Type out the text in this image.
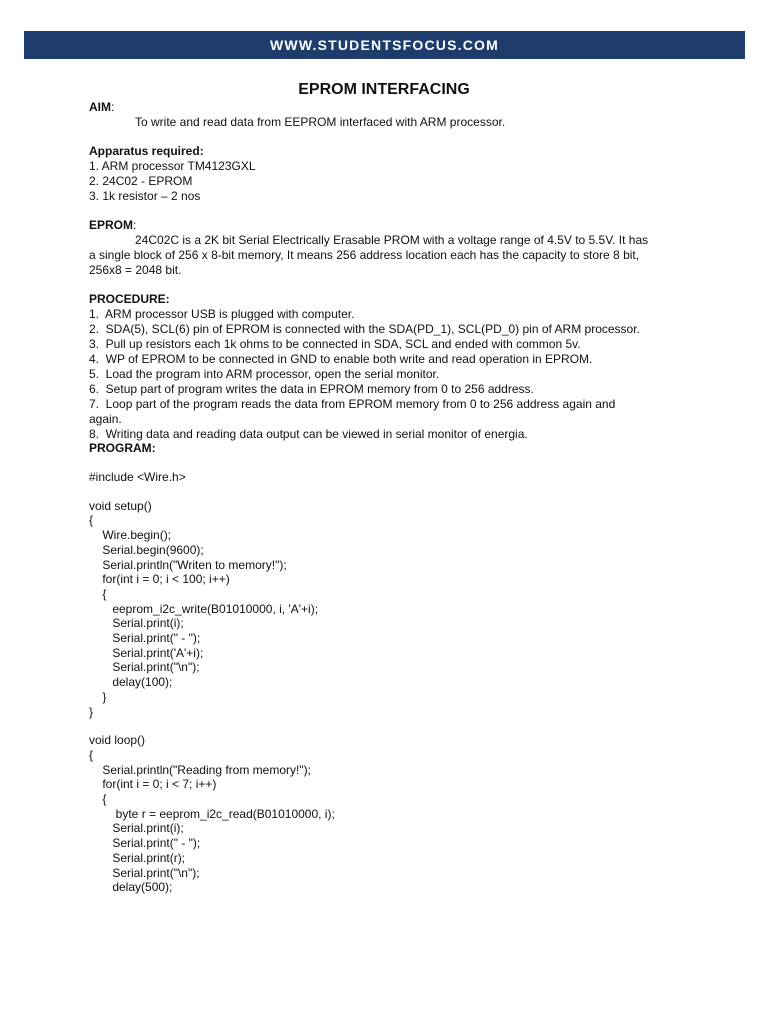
WWW.STUDENTSFOCUS.COM
EPROM INTERFACING
AIM:
To write and read data from EEPROM interfaced with ARM processor.
Apparatus required:
1. ARM processor TM4123GXL
2. 24C02 - EPROM
3. 1k resistor – 2 nos
EPROM:
24C02C is a 2K bit Serial Electrically Erasable PROM with a voltage range of 4.5V to 5.5V. It has
a single block of 256 x 8-bit memory, It means 256 address location each has the capacity to store 8 bit,
256x8 = 2048 bit.
PROCEDURE:
1.  ARM processor USB is plugged with computer.
2.  SDA(5), SCL(6) pin of EPROM is connected with the SDA(PD_1), SCL(PD_0) pin of ARM processor.
3.  Pull up resistors each 1k ohms to be connected in SDA, SCL and ended with common 5v.
4.  WP of EPROM to be connected in GND to enable both write and read operation in EPROM.
5.  Load the program into ARM processor, open the serial monitor.
6.  Setup part of program writes the data in EPROM memory from 0 to 256 address.
7.  Loop part of the program reads the data from EPROM memory from 0 to 256 address again and
again.
8.  Writing data and reading data output can be viewed in serial monitor of energia.
PROGRAM:
#include <Wire.h>
void setup()
{
Wire.begin();
Serial.begin(9600);
Serial.println("Writen to memory!");
for(int i = 0; i < 100; i++)
{
eeprom_i2c_write(B01010000, i, 'A'+i);
Serial.print(i);
Serial.print(" - ");
Serial.print('A'+i);
Serial.print("\n");
delay(100);
}
}
void loop()
{
Serial.println("Reading from memory!");
for(int i = 0; i < 7; i++)
{
byte r = eeprom_i2c_read(B01010000, i);
Serial.print(i);
Serial.print(" - ");
Serial.print(r);
Serial.print("\n");
delay(500);
